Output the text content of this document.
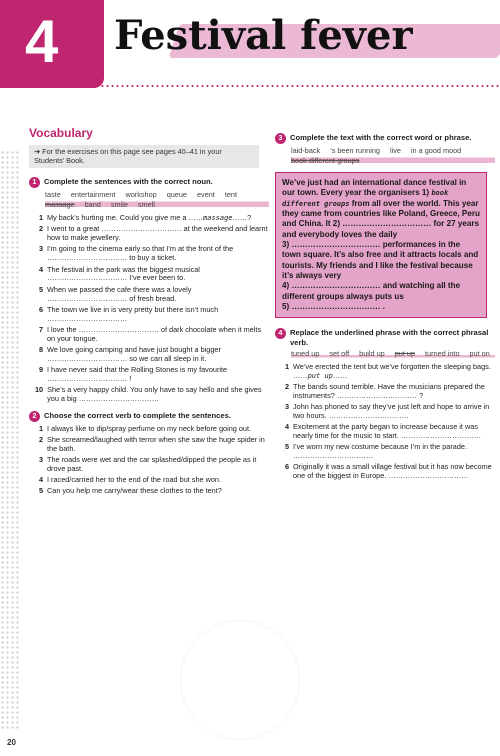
4 Festival fever
Vocabulary
➔ For the exercises on this page see pages 40–41 in your Students’ Book.
1 Complete the sentences with the correct noun.
taste entertainment workshop queue event tent
massage band smile smell
1 My back’s hurting me. Could you give me a ……massage……?
2 I went to a great …………………………… at the weekend and learnt how to make jewellery.
3 I’m going to the cinema early so that I’m at the front of the …………………………… to buy a ticket.
4 The festival in the park was the biggest musical …………………………… I’ve ever been to.
5 When we passed the cafe there was a lovely …………………………… of fresh bread.
6 The town we live in is very pretty but there isn’t much ……………………………
7 I love the …………………………… of dark chocolate when it melts on your tongue.
8 We love going camping and have just bought a bigger …………………………… so we can all sleep in it.
9 I have never said that the Rolling Stones is my favourite …………………………… !
10 She’s a very happy child. You only have to say hello and she gives you a big ……………………………
2 Choose the correct verb to complete the sentences.
1 I always like to dip/spray perfume on my neck before going out.
2 She screamed/laughed with terror when she saw the huge spider in the bath.
3 The roads were wet and the car splashed/dipped the people as it drove past.
4 I raced/carried her to the end of the road but she won.
5 Can you help me carry/wear these clothes to the tent?
3 Complete the text with the correct word or phrase.
laid-back ’s been running live in a good mood
book different groups

We’ve just had an international dance festival in our town. Every year the organisers 1) book different groups from all over the world. This year they came from countries like Poland, Greece, Peru and China. It 2) …………………………… for 27 years and everybody loves the daily

3) …………………………… performances in the town square. It’s also free and it attracts locals and tourists. My friends and I like the festival because it’s always very

4) …………………………… and watching all the different groups always puts us

5) …………………………… .

4 Replace the underlined phrase with the correct phrasal verb.
tuned up set off build up put up turned into put on
1 We’ve erected the tent but we’ve forgotten the sleeping bags. ……put up……
2 The bands sound terrible. Have the musicians prepared the instruments? …………………………… ?
3 John has phoned to say they’ve just left and hope to arrive in two hours. ……………………………
4 Excitement at the party began to increase because it was nearly time for the music to start. ……………………………
5 I’ve worn my new costume because I’m in the parade. ……………………………
6 Originally it was a small village festival but it has now become one of the biggest in Europe. ……………………………
20
